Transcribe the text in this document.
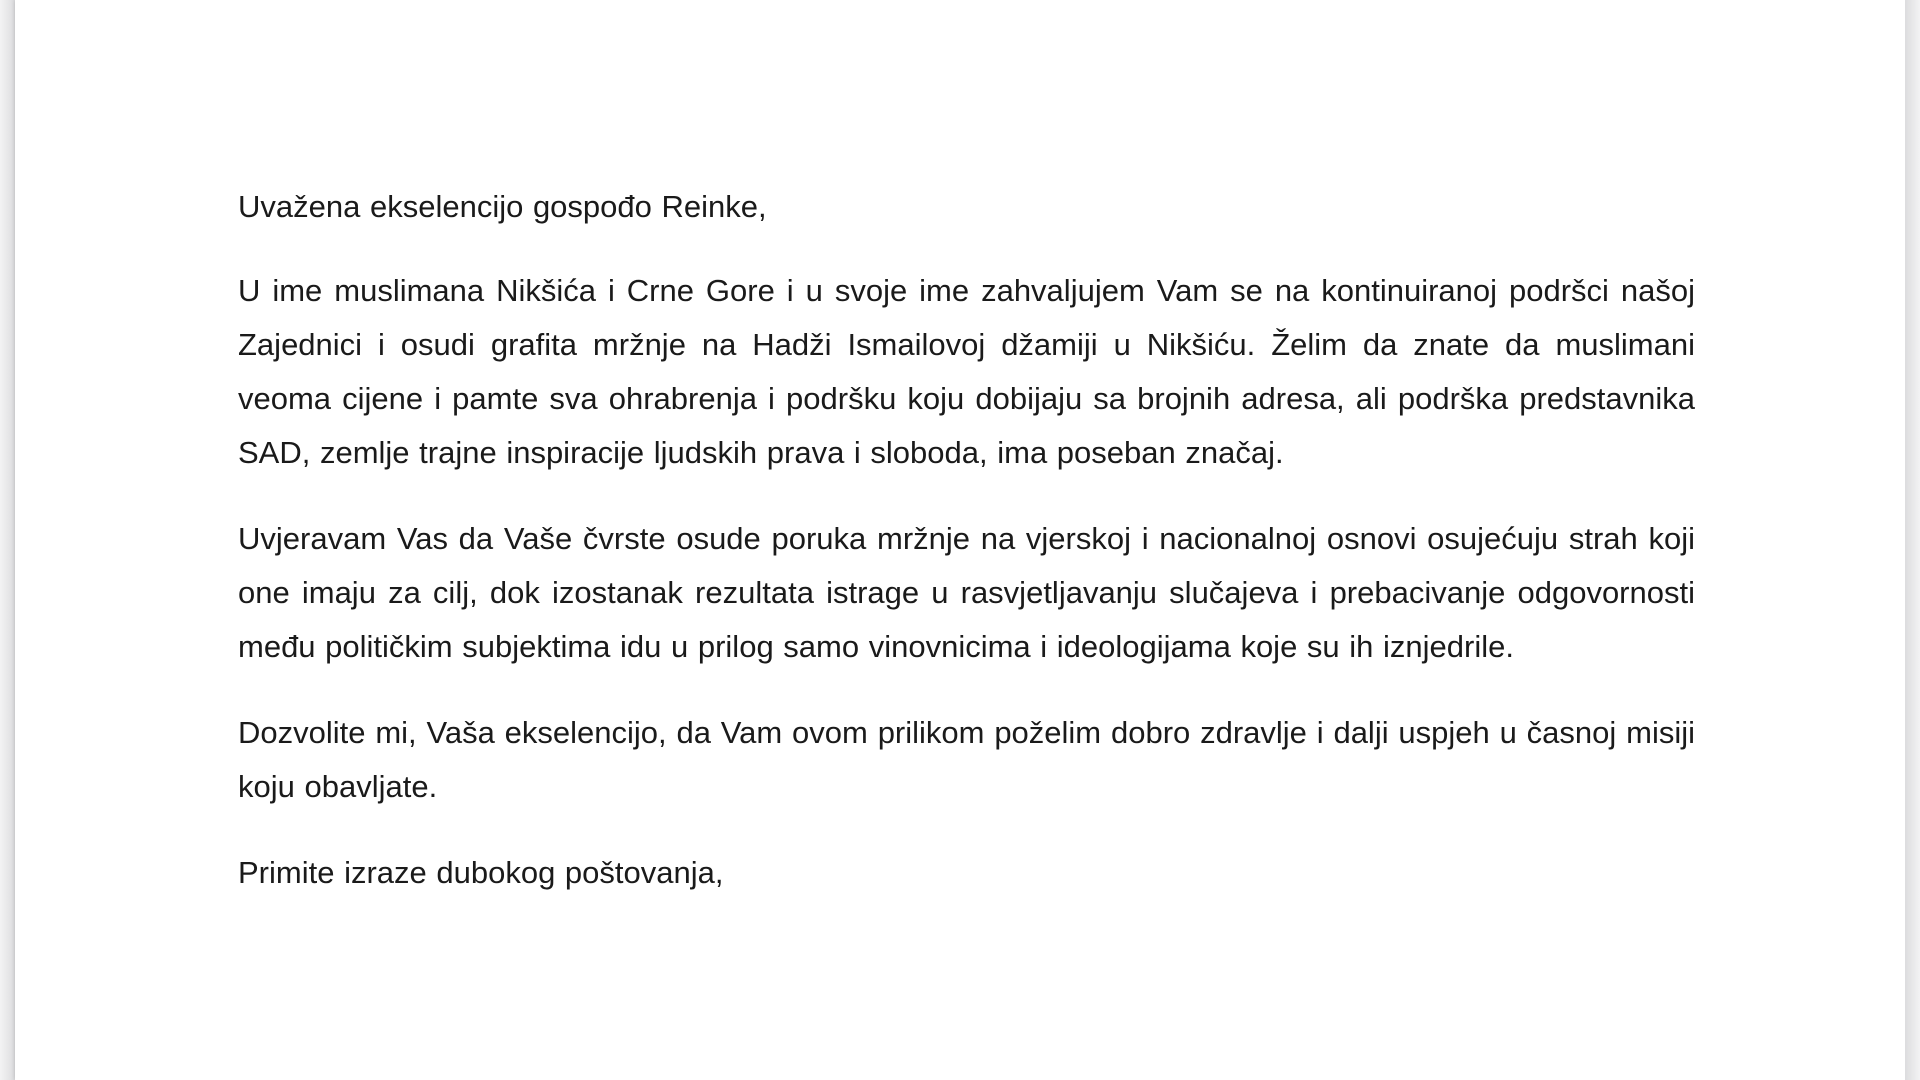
Uvažena ekselencijo gospođo Reinke,

U ime muslimana Nikšića i Crne Gore i u svoje ime zahvaljujem Vam se na kontinuiranoj podršci našoj Zajednici i osudi grafita mržnje na Hadži Ismailovoj džamiji u Nikšiću. Želim da znate da muslimani veoma cijene i pamte sva ohrabrenja i podršku koju dobijaju sa brojnih adresa, ali podrška predstavnika SAD, zemlje trajne inspiracije ljudskih prava i sloboda, ima poseban značaj.

Uvjeravam Vas da Vaše čvrste osude poruka mržnje na vjerskoj i nacionalnoj osnovi osujećuju strah koji one imaju za cilj, dok izostanak rezultata istrage u rasvjetljavanju slučajeva i prebacivanje odgovornosti među političkim subjektima idu u prilog samo vinovnicima i ideologijama koje su ih iznjedrile.

Dozvolite mi, Vaša ekselencijo, da Vam ovom prilikom poželim dobro zdravlje i dalji uspjeh u časnoj misiji koju obavljate.

Primite izraze dubokog poštovanja,
